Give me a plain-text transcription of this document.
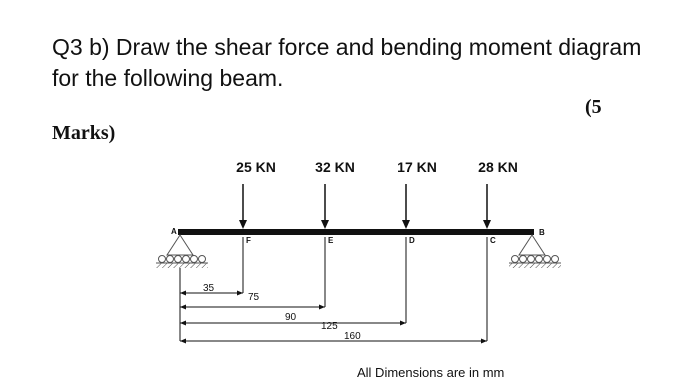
Q3 b) Draw the shear force and bending moment diagram for the following beam.
(5
Marks)
25 KN	32 KN	17 KN	28 KN
A	B
F	E	D	C
35
75
90
125
160
All Dimensions are in mm
